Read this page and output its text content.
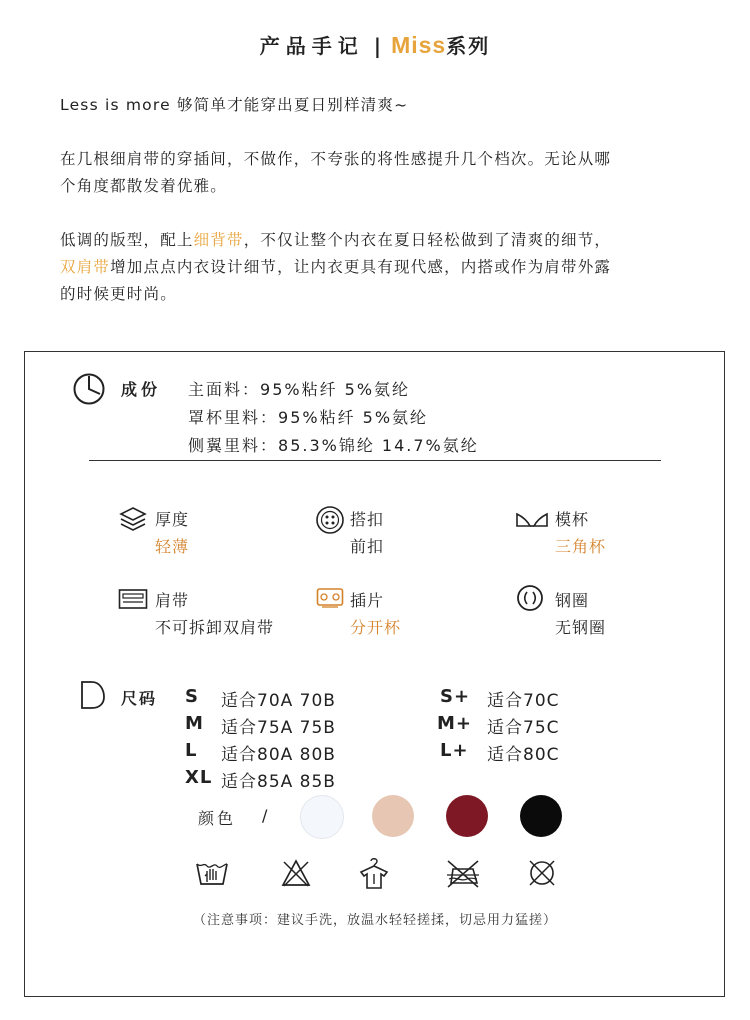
产品手记 | Miss系列
Less is more 够简单才能穿出夏日别样清爽~
在几根细肩带的穿插间，不做作，不夸张的将性感提升几个档次。无论从哪
个角度都散发着优雅。
低调的版型，配上细背带，不仅让整个内衣在夏日轻松做到了清爽的细节，
双肩带增加点点内衣设计细节，让内衣更具有现代感，内搭或作为肩带外露
的时候更时尚。
成份 主面料：95%粘纤 5%氨纶
罩杯里料：95%粘纤 5%氨纶
侧翼里料：85.3%锦纶 14.7%氨纶
厚度
轻薄
搭扣
前扣
模杯
三角杯
肩带
不可拆卸双肩带
插片
分开杯
钢圈
无钢圈
尺码 S 适合70A 70B
M 适合75A 75B
L 适合80A 80B
XL 适合85A 85B
S+ 适合70C
M+ 适合75C
L+ 适合80C
颜色 /
（注意事项：建议手洗，放温水轻轻搓揉，切忌用力猛搓）
